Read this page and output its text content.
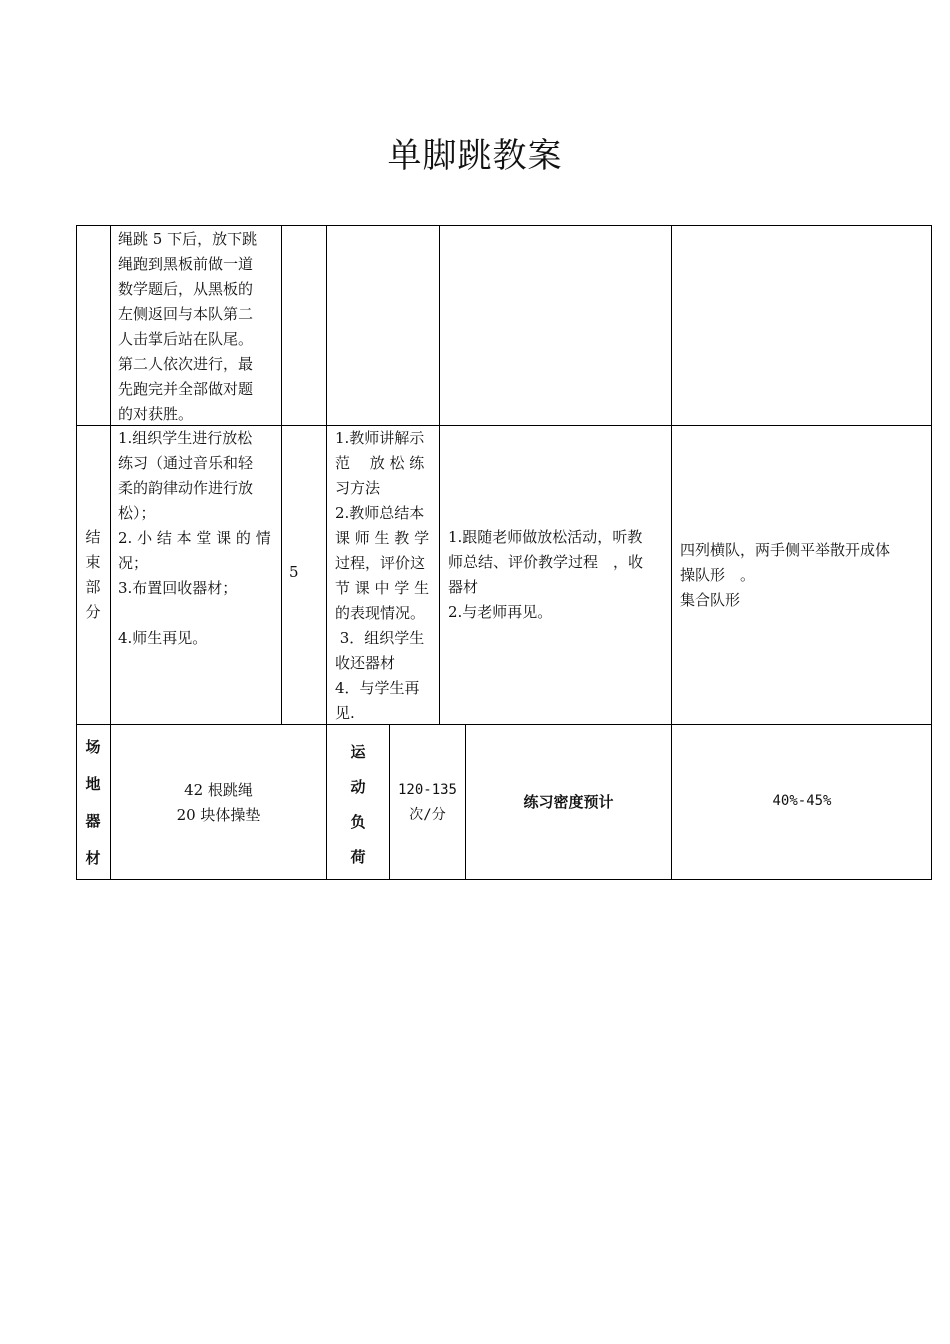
单脚跳教案
绳跳 5 下后，放下跳
绳跑到黑板前做一道
数学题后，从黑板的
左侧返回与本队第二
人击掌后站在队尾。
第二人依次进行，最
先跑完并全部做对题
的对获胜。
结
束
部
分
1.组织学生进行放松
练习（通过音乐和轻
柔的韵律动作进行放
松）；
2. 小 结 本 堂 课 的 情
况；
3.布置回收器材；
4.师生再见。
5
1.教师讲解示
范　 放 松 练
习方法
2.教师总结本
课 师 生 教 学
过程，评价这
节 课 中 学 生
的表现情况。
3．组织学生
收还器材
4．与学生再
见.
1.跟随老师做放松活动，听教
师总结、评价教学过程　，收
器材
2.与老师再见。
四列横队，两手侧平举散开成体
操队形　。
集合队形
场
地
器
材
42 根跳绳
20 块体操垫
运
动
负
荷
120-135
次/分
练习密度预计	40%-45%
